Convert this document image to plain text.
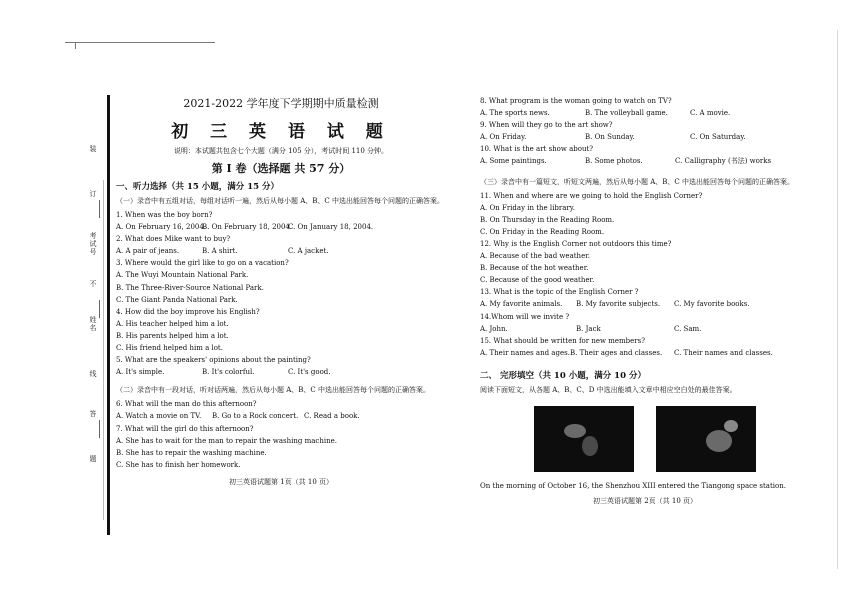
装
订
考试号
不
姓名
线
答
题

2021-2022 学年度下学期期中质量检测

初 三 英 语 试 题

说明：本试题共包含七个大题（满分 105 分），考试时间 110 分钟。

第 I 卷（选择题 共 57 分）

一、听力选择（共 15 小题，满分 15 分）
（一）录音中有五组对话，每组对话听一遍，然后从每小题 A、B、C 中选出能回答每个问题的正确答案。
1. When was the boy born?
A. On February 16, 2004.
B. On February 18, 2004.
C. On January 18, 2004.
2. What does Mike want to buy?
A. A pair of jeans.	B. A shirt.	C. A jacket.
3. Where would the girl like to go on a vacation?
A. The Wuyi Mountain National Park.
B. The Three-River-Source National Park.
C. The Giant Panda National Park.
4. How did the boy improve his English?
A. His teacher helped him a lot.
B. His parents helped him a lot.
C. His friend helped him a lot.
5. What are the speakers' opinions about the painting?
A. It's simple.	B. It's colorful.	C. It's good.
（二）录音中有一段对话，听对话两遍，然后从每小题 A、B、C 中选出能回答每个问题的正确答案。
6. What will the man do this afternoon?
A. Watch a movie on TV.	B. Go to a Rock concert. C. Read a book.
7. What will the girl do this afternoon?
A. She has to wait for the man to repair the washing machine.
B. She has to repair the washing machine.
C. She has to finish her homework.
初三英语试题第 1页（共 10 页）
8. What program is the woman going to watch on TV?
A. The sports news.	B. The volleyball game.	C. A movie.
9. When will they go to the art show?
A. On Friday.	B. On Sunday.	C. On Saturday.
10. What is the art show about?
A. Some paintings.	B. Some photos.	C. Calligraphy (书法) works
（三）录音中有一篇短文，听短文两遍，然后从每小题 A、B、C 中选出能回答每个问题的正确答案。
11. When and where are we going to hold the English Corner?
A. On Friday in the library.
B. On Thursday in the Reading Room.
C. On Friday in the Reading Room.
12. Why is the English Corner not outdoors this time?
A. Because of the bad weather.
B. Because of the hot weather.
C. Because of the good weather.
13. What is the topic of the English Corner ?
A. My favorite animals.	B. My favorite subjects.	C. My favorite books.
14.Whom will we invite ?
A. John.	B. Jack	C. Sam.
15. What should be written for new members?
A. Their names and ages. B. Their ages and classes.	C. Their names and classes.
二、 完形填空（共 10 小题，满分 10 分）
阅读下面短文，从各题 A、B、C、D 中选出能填入文章中相应空白处的最佳答案。
On the morning of October 16, the Shenzhou XIII entered the Tiangong space station.
初三英语试题第 2页（共 10 页）
